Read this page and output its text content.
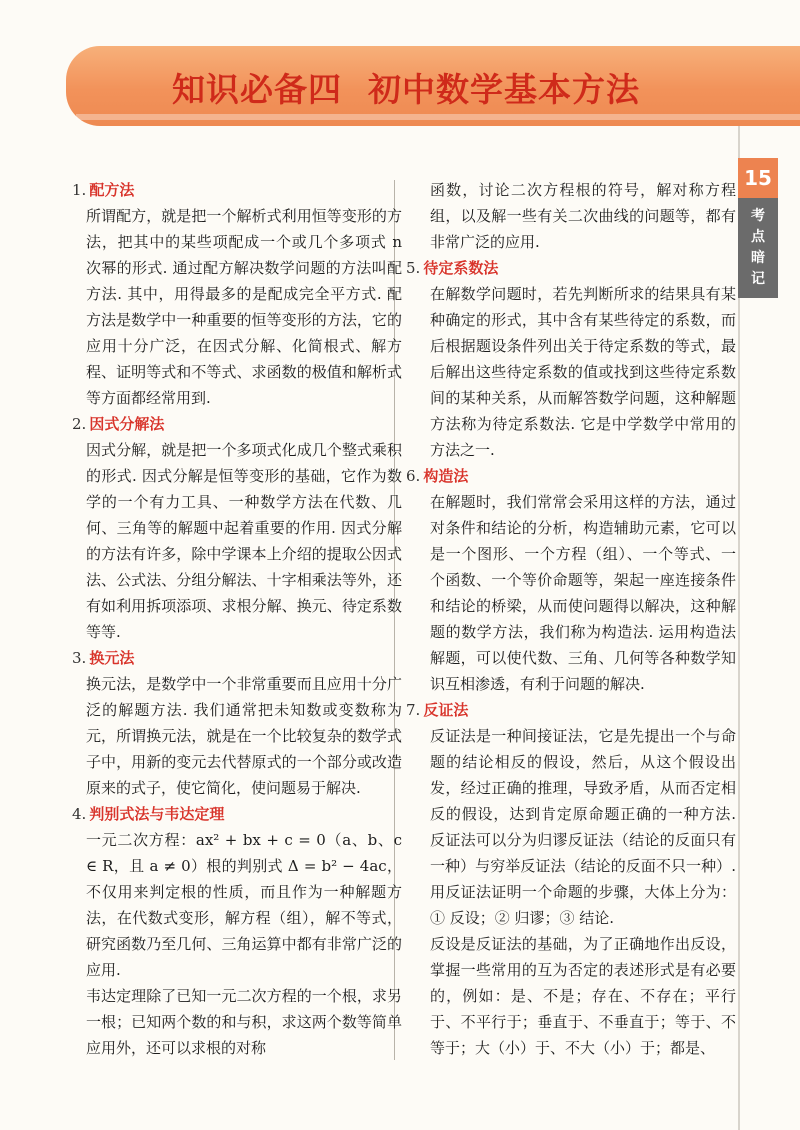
知识必备四 初中数学基本方法
15
考
点
暗
记

1. 配方法

所谓配方，就是把一个解析式利用恒等变形的方法，把其中的某些项配成一个或几个多项式 n 次幂的形式. 通过配方解决数学问题的方法叫配方法. 其中，用得最多的是配成完全平方式. 配方法是数学中一种重要的恒等变形的方法，它的应用十分广泛，在因式分解、化简根式、解方程、证明等式和不等式、求函数的极值和解析式等方面都经常用到.

2. 因式分解法

因式分解，就是把一个多项式化成几个整式乘积的形式. 因式分解是恒等变形的基础，它作为数学的一个有力工具、一种数学方法在代数、几何、三角等的解题中起着重要的作用. 因式分解的方法有许多，除中学课本上介绍的提取公因式法、公式法、分组分解法、十字相乘法等外，还有如利用拆项添项、求根分解、换元、待定系数等等.

3. 换元法

换元法，是数学中一个非常重要而且应用十分广泛的解题方法. 我们通常把未知数或变数称为元，所谓换元法，就是在一个比较复杂的数学式子中，用新的变元去代替原式的一个部分或改造原来的式子，使它简化，使问题易于解决.

4. 判别式法与韦达定理

一元二次方程：ax² + bx + c = 0（a、b、c ∈ R，且 a ≠ 0）根的判别式 Δ = b² − 4ac，不仅用来判定根的性质，而且作为一种解题方法，在代数式变形，解方程（组），解不等式，研究函数乃至几何、三角运算中都有非常广泛的应用.

韦达定理除了已知一元二次方程的一个根，求另一根；已知两个数的和与积，求这两个数等简单应用外，还可以求根的对称

函数，讨论二次方程根的符号，解对称方程组，以及解一些有关二次曲线的问题等，都有非常广泛的应用.

5. 待定系数法

在解数学问题时，若先判断所求的结果具有某种确定的形式，其中含有某些待定的系数，而后根据题设条件列出关于待定系数的等式，最后解出这些待定系数的值或找到这些待定系数间的某种关系，从而解答数学问题，这种解题方法称为待定系数法. 它是中学数学中常用的方法之一.

6. 构造法

在解题时，我们常常会采用这样的方法，通过对条件和结论的分析，构造辅助元素，它可以是一个图形、一个方程（组）、一个等式、一个函数、一个等价命题等，架起一座连接条件和结论的桥梁，从而使问题得以解决，这种解题的数学方法，我们称为构造法. 运用构造法解题，可以使代数、三角、几何等各种数学知识互相渗透，有利于问题的解决.

7. 反证法

反证法是一种间接证法，它是先提出一个与命题的结论相反的假设，然后，从这个假设出发，经过正确的推理，导致矛盾，从而否定相反的假设，达到肯定原命题正确的一种方法. 反证法可以分为归谬反证法（结论的反面只有一种）与穷举反证法（结论的反面不只一种）. 用反证法证明一个命题的步骤，大体上分为：① 反设；② 归谬；③ 结论.

反设是反证法的基础，为了正确地作出反设，掌握一些常用的互为否定的表述形式是有必要的，例如：是、不是；存在、不存在；平行于、不平行于；垂直于、不垂直于；等于、不等于；大（小）于、不大（小）于；都是、
